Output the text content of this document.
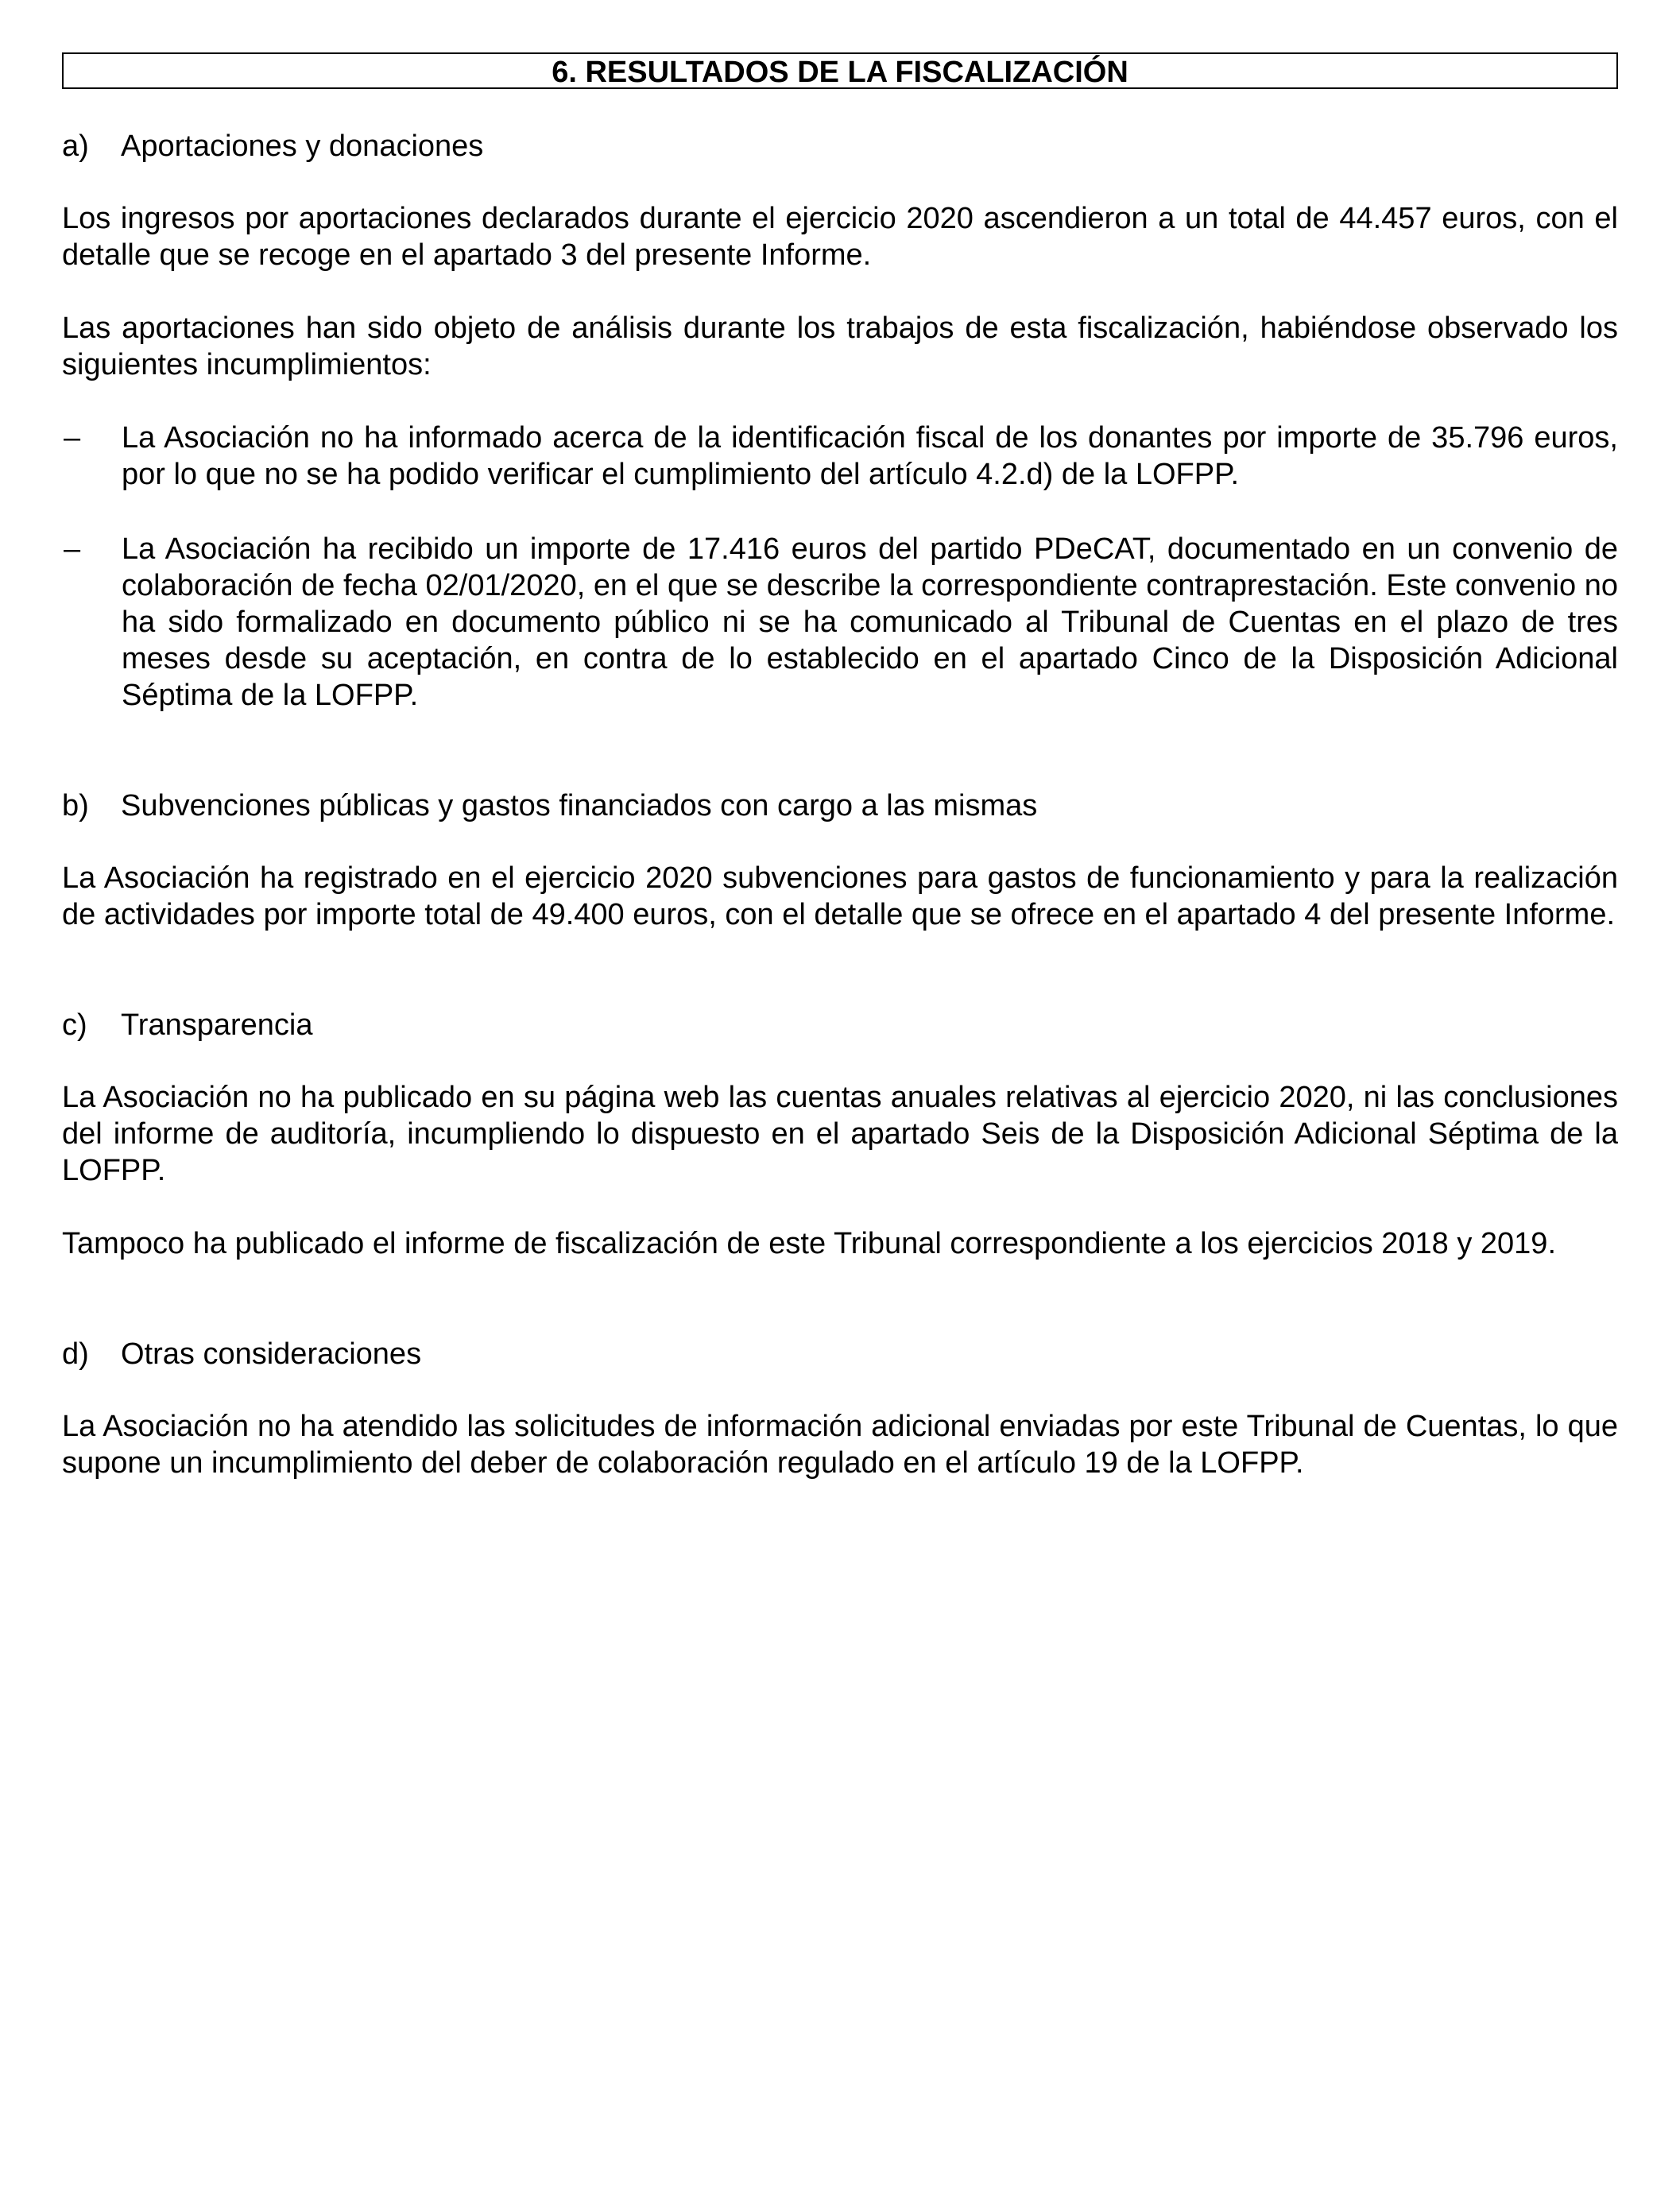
6. RESULTADOS DE LA FISCALIZACIÓN
a)	Aportaciones y donaciones

Los ingresos por aportaciones declarados durante el ejercicio 2020 ascendieron a un total de 44.457 euros, con el detalle que se recoge en el apartado 3 del presente Informe.

Las aportaciones han sido objeto de análisis durante los trabajos de esta fiscalización, habiéndose observado los siguientes incumplimientos:

–	La Asociación no ha informado acerca de la identificación fiscal de los donantes por importe de 35.796 euros, por lo que no se ha podido verificar el cumplimiento del artículo 4.2.d) de la LOFPP.
–	La Asociación ha recibido un importe de 17.416 euros del partido PDeCAT, documentado en un convenio de colaboración de fecha 02/01/2020, en el que se describe la correspondiente contraprestación. Este convenio no ha sido formalizado en documento público ni se ha comunicado al Tribunal de Cuentas en el plazo de tres meses desde su aceptación, en contra de lo establecido en el apartado Cinco de la Disposición Adicional Séptima de la LOFPP.
b)	Subvenciones públicas y gastos financiados con cargo a las mismas

La Asociación ha registrado en el ejercicio 2020 subvenciones para gastos de funcionamiento y para la realización de actividades por importe total de 49.400 euros, con el detalle que se ofrece en el apartado 4 del presente Informe.

c)	Transparencia

La Asociación no ha publicado en su página web las cuentas anuales relativas al ejercicio 2020, ni las conclusiones del informe de auditoría, incumpliendo lo dispuesto en el apartado Seis de la Disposición Adicional Séptima de la LOFPP.

Tampoco ha publicado el informe de fiscalización de este Tribunal correspondiente a los ejercicios 2018 y 2019.

d)	Otras consideraciones

La Asociación no ha atendido las solicitudes de información adicional enviadas por este Tribunal de Cuentas, lo que supone un incumplimiento del deber de colaboración regulado en el artículo 19 de la LOFPP.
